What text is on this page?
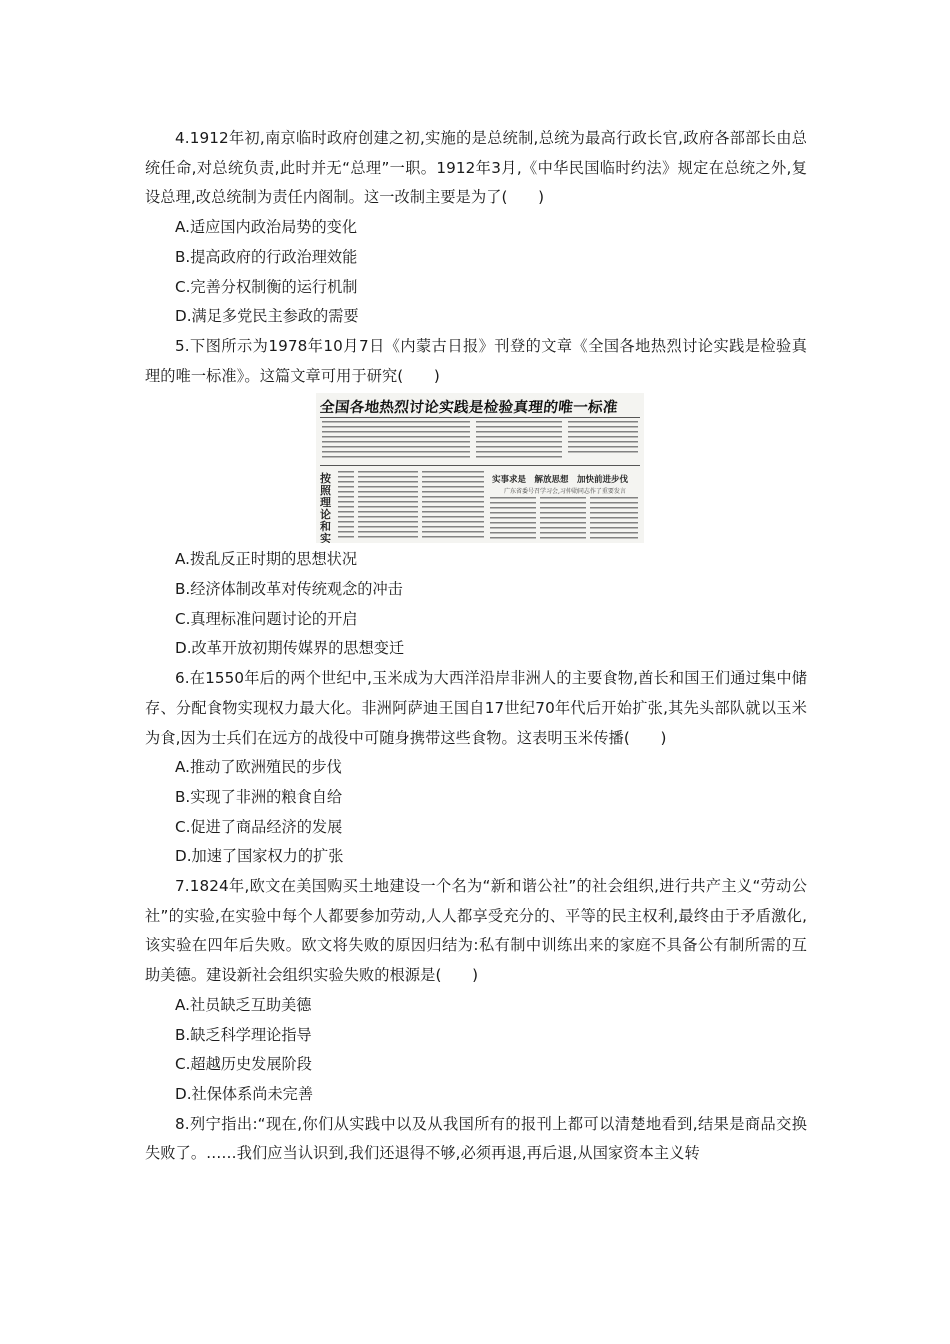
4.1912年初,南京临时政府创建之初,实施的是总统制,总统为最高行政长官,政府各部部长由总统任命,对总统负责,此时并无“总理”一职。1912年3月,《中华民国临时约法》规定在总统之外,复设总理,改总统制为责任内阁制。这一改制主要是为了(　　)

A.适应国内政治局势的变化

B.提高政府的行政治理效能

C.完善分权制衡的运行机制

D.满足多党民主参政的需要

5.下图所示为1978年10月7日《内蒙古日报》刊登的文章《全国各地热烈讨论实践是检验真理的唯一标准》。这篇文章可用于研究(　　)

全国各地热烈讨论实践是检验真理的唯一标准
按照理论和实
实事求是　解放思想　加快前进步伐
广东省委号召学习会,习仲勋同志作了重要发言

A.拨乱反正时期的思想状况

B.经济体制改革对传统观念的冲击

C.真理标准问题讨论的开启

D.改革开放初期传媒界的思想变迁

6.在1550年后的两个世纪中,玉米成为大西洋沿岸非洲人的主要食物,酋长和国王们通过集中储存、分配食物实现权力最大化。非洲阿萨迪王国自17世纪70年代后开始扩张,其先头部队就以玉米为食,因为士兵们在远方的战役中可随身携带这些食物。这表明玉米传播(　　)

A.推动了欧洲殖民的步伐

B.实现了非洲的粮食自给

C.促进了商品经济的发展

D.加速了国家权力的扩张

7.1824年,欧文在美国购买土地建设一个名为“新和谐公社”的社会组织,进行共产主义“劳动公社”的实验,在实验中每个人都要参加劳动,人人都享受充分的、平等的民主权利,最终由于矛盾激化,该实验在四年后失败。欧文将失败的原因归结为:私有制中训练出来的家庭不具备公有制所需的互助美德。建设新社会组织实验失败的根源是(　　)

A.社员缺乏互助美德

B.缺乏科学理论指导

C.超越历史发展阶段

D.社保体系尚未完善

8.列宁指出:“现在,你们从实践中以及从我国所有的报刊上都可以清楚地看到,结果是商品交换失败了。……我们应当认识到,我们还退得不够,必须再退,再后退,从国家资本主义转
